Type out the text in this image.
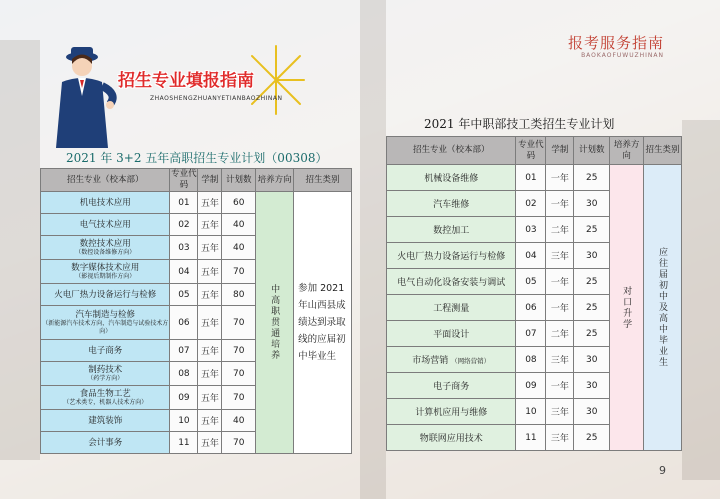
报考服务指南
BAOKAOFUWUZHINAN
招生专业填报指南
ZHAOSHENGZHUANYETIANBAOZHINAN
2021 年 3+2 五年高职招生专业计划（00308）
招生专业（校本部）	专业代码	学制	计划数	培养方向	招生类别
机电技术应用	01	五年	60	中高职贯通培养	参加 2021 年山西县成绩达到录取线的应届初中毕业生

电气技术应用	02	五年	40		
数控技术应用
（数控设备维修方向）	03	五年	40		
数字媒体技术应用
（影视后期制作方向）	04	五年	70		
火电厂热力设备运行与检修	05	五年	80		
汽车制造与检修
（新能源汽车技术方向，汽车制造与试验技术方向）	06	五年	70		
电子商务	07	五年	70		
制药技术
（药学方向）	08	五年	70		
食品生物工艺
（艺术类专，机器人技术方向）	09	五年	70		
建筑装饰	10	五年	40		
会计事务	11	五年	70		
2021 年中职部技工类招生专业计划
招生专业（校本部）	专业代码	学制	计划数	培养方向	招生类别
机械设备维修	01	一年	25	对口升学	应往届初中及高中毕业生

汽车维修	02	一年	30		
数控加工	03	二年	25		
火电厂热力设备运行与检修	04	三年	30		
电气自动化设备安装与调试	05	一年	25		
工程测量	06	一年	25		
平面设计	07	二年	25		
市场营销 （网络营销）	08	三年	30		
电子商务	09	一年	30		
计算机应用与维修	10	三年	30		
物联网应用技术	11	三年	25		
9
